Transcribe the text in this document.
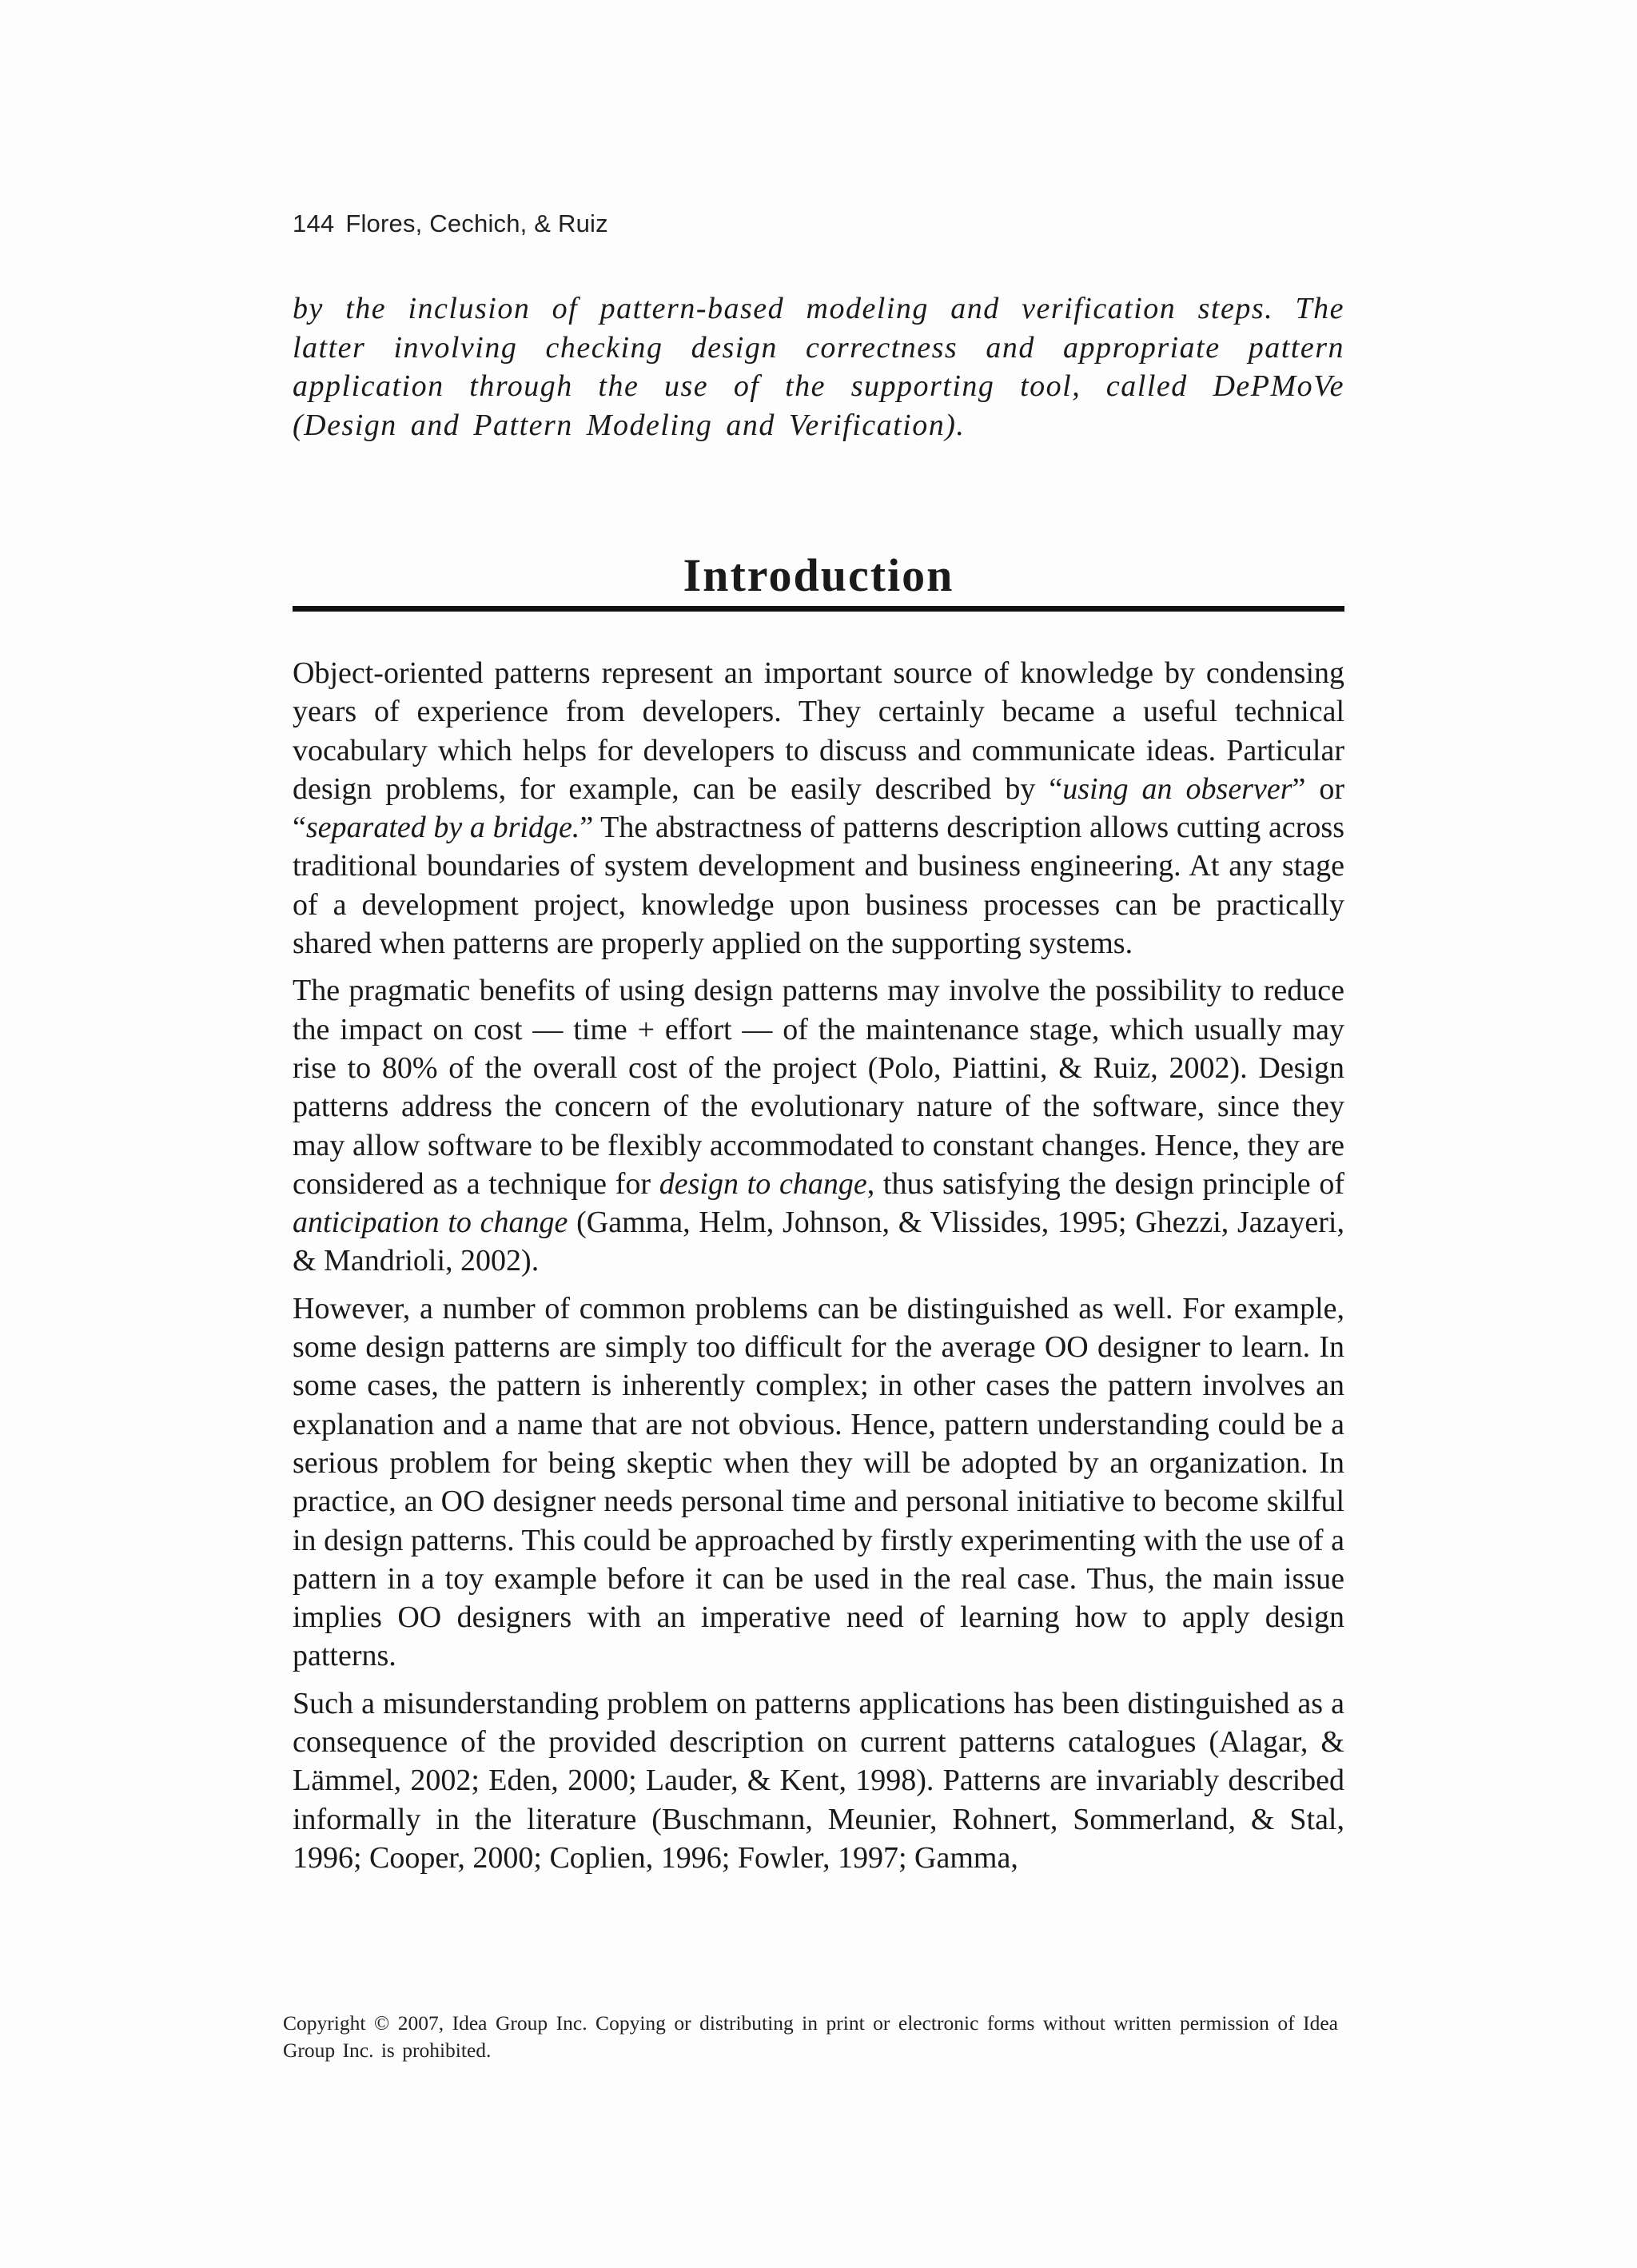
144 Flores, Cechich, & Ruiz

by the inclusion of pattern-based modeling and verification steps. The latter involving checking design correctness and appropriate pattern application through the use of the supporting tool, called DePMoVe (Design and Pattern Modeling and Verification).

Introduction

Object-oriented patterns represent an important source of knowledge by condensing years of experience from developers. They certainly became a useful technical vocabulary which helps for developers to discuss and communicate ideas. Particular design problems, for example, can be easily described by “using an observer” or “separated by a bridge.” The abstractness of patterns description allows cutting across traditional boundaries of system development and business engineering. At any stage of a development project, knowledge upon business processes can be practically shared when patterns are properly applied on the supporting systems.

The pragmatic benefits of using design patterns may involve the possibility to reduce the impact on cost — time + effort — of the maintenance stage, which usually may rise to 80% of the overall cost of the project (Polo, Piattini, & Ruiz, 2002). Design patterns address the concern of the evolutionary nature of the software, since they may allow software to be flexibly accommodated to constant changes. Hence, they are considered as a technique for design to change, thus satisfying the design principle of anticipation to change (Gamma, Helm, Johnson, & Vlissides, 1995; Ghezzi, Jazayeri, & Mandrioli, 2002).

However, a number of common problems can be distinguished as well. For example, some design patterns are simply too difficult for the average OO designer to learn. In some cases, the pattern is inherently complex; in other cases the pattern involves an explanation and a name that are not obvious. Hence, pattern understanding could be a serious problem for being skeptic when they will be adopted by an organization. In practice, an OO designer needs personal time and personal initiative to become skilful in design patterns. This could be approached by firstly experimenting with the use of a pattern in a toy example before it can be used in the real case. Thus, the main issue implies OO designers with an imperative need of learning how to apply design patterns.

Such a misunderstanding problem on patterns applications has been distinguished as a consequence of the provided description on current patterns catalogues (Alagar, & Lämmel, 2002; Eden, 2000; Lauder, & Kent, 1998). Patterns are invariably described informally in the literature (Buschmann, Meunier, Rohnert, Sommerland, & Stal, 1996; Cooper, 2000; Coplien, 1996; Fowler, 1997; Gamma,

Copyright © 2007, Idea Group Inc. Copying or distributing in print or electronic forms without written permission of Idea Group Inc. is prohibited.
